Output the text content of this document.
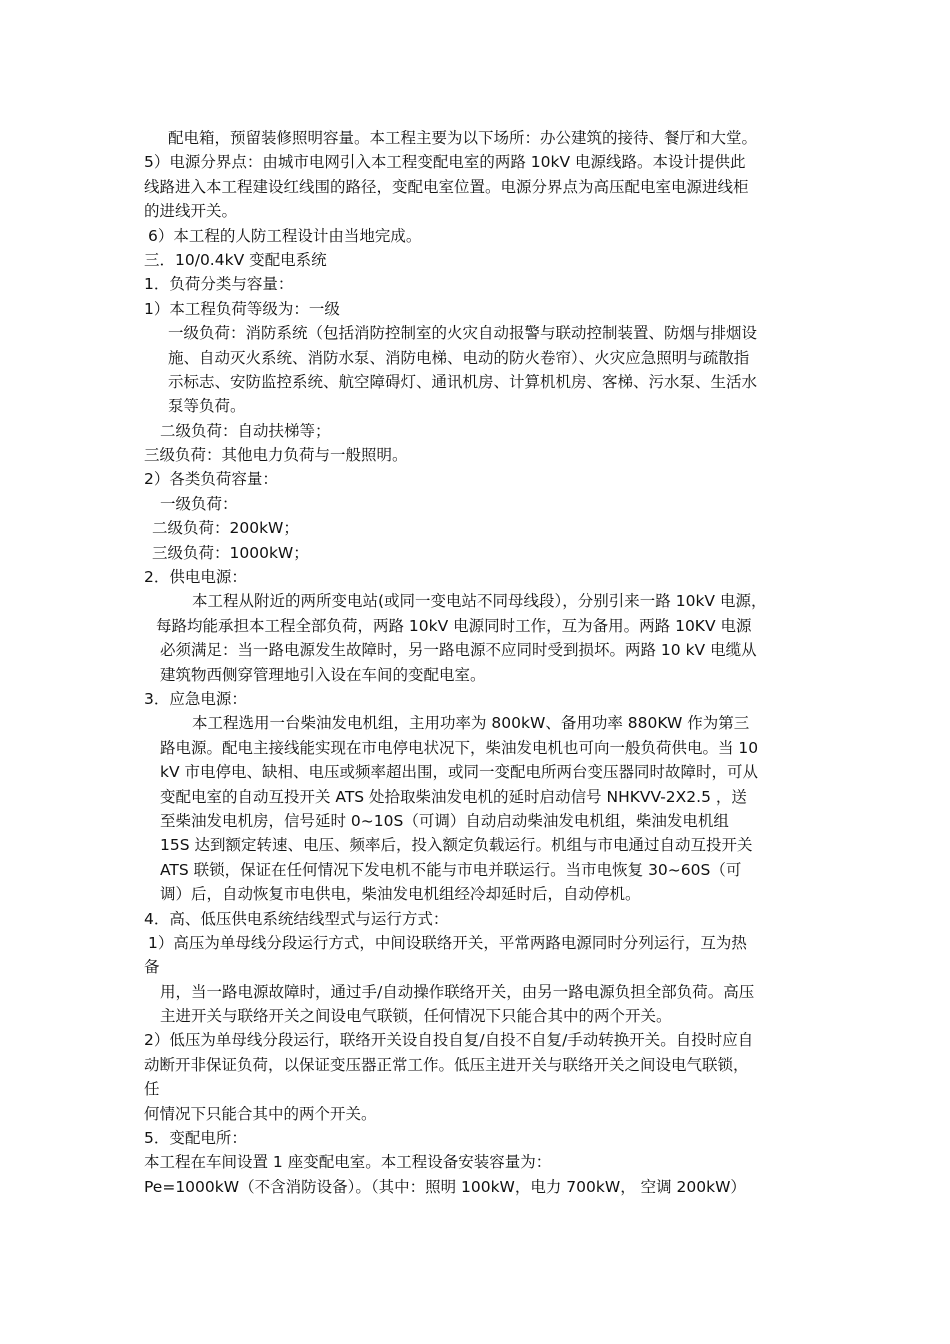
配电箱，预留装修照明容量。本工程主要为以下场所：办公建筑的接待、餐厅和大堂。
5）电源分界点：由城市电网引入本工程变配电室的两路 10kV 电源线路。本设计提供此
线路进入本工程建设红线围的路径，变配电室位置。电源分界点为高压配电室电源进线柜
的进线开关。
6）本工程的人防工程设计由当地完成。
三．10/0.4kV 变配电系统
1．负荷分类与容量：
1）本工程负荷等级为：一级
一级负荷：消防系统（包括消防控制室的火灾自动报警与联动控制装置、防烟与排烟设
施、自动灭火系统、消防水泵、消防电梯、电动的防火卷帘）、火灾应急照明与疏散指
示标志、安防监控系统、航空障碍灯、通讯机房、计算机机房、客梯、污水泵、生活水
泵等负荷。
二级负荷：自动扶梯等；
三级负荷：其他电力负荷与一般照明。
2）各类负荷容量：
一级负荷：
二级负荷：200kW；
三级负荷：1000kW；
2．供电电源：
本工程从附近的两所变电站(或同一变电站不同母线段），分别引来一路 10kV 电源，
每路均能承担本工程全部负荷，两路 10kV 电源同时工作，互为备用。两路 10KV 电源
必须满足：当一路电源发生故障时，另一路电源不应同时受到损坏。两路 10 kV 电缆从
建筑物西侧穿管理地引入设在车间的变配电室。
3．应急电源：
本工程选用一台柴油发电机组，主用功率为 800kW、备用功率 880KW 作为第三
路电源。配电主接线能实现在市电停电状况下，柴油发电机也可向一般负荷供电。当 10
kV 市电停电、缺相、电压或频率超出围，或同一变配电所两台变压器同时故障时，可从
变配电室的自动互投开关 ATS 处拾取柴油发电机的延时启动信号 NHKVV-2X2.5 ，送
至柴油发电机房，信号延时 0~10S（可调）自动启动柴油发电机组，柴油发电机组
15S 达到额定转速、电压、频率后，投入额定负载运行。机组与市电通过自动互投开关
ATS 联锁，保证在任何情况下发电机不能与市电并联运行。当市电恢复 30~60S（可
调）后，自动恢复市电供电，柴油发电机组经冷却延时后，自动停机。
4．高、低压供电系统结线型式与运行方式：
1）高压为单母线分段运行方式，中间设联络开关，平常两路电源同时分列运行，互为热
备
用，当一路电源故障时，通过手/自动操作联络开关，由另一路电源负担全部负荷。高压
主进开关与联络开关之间设电气联锁，任何情况下只能合其中的两个开关。
2）低压为单母线分段运行，联络开关设自投自复/自投不自复/手动转换开关。自投时应自
动断开非保证负荷，以保证变压器正常工作。低压主进开关与联络开关之间设电气联锁，
任
何情况下只能合其中的两个开关。
5．变配电所：
本工程在车间设置 1 座变配电室。本工程设备安装容量为：
Pe=1000kW（不含消防设备）。（其中：照明 100kW，电力 700kW， 空调 200kW）
